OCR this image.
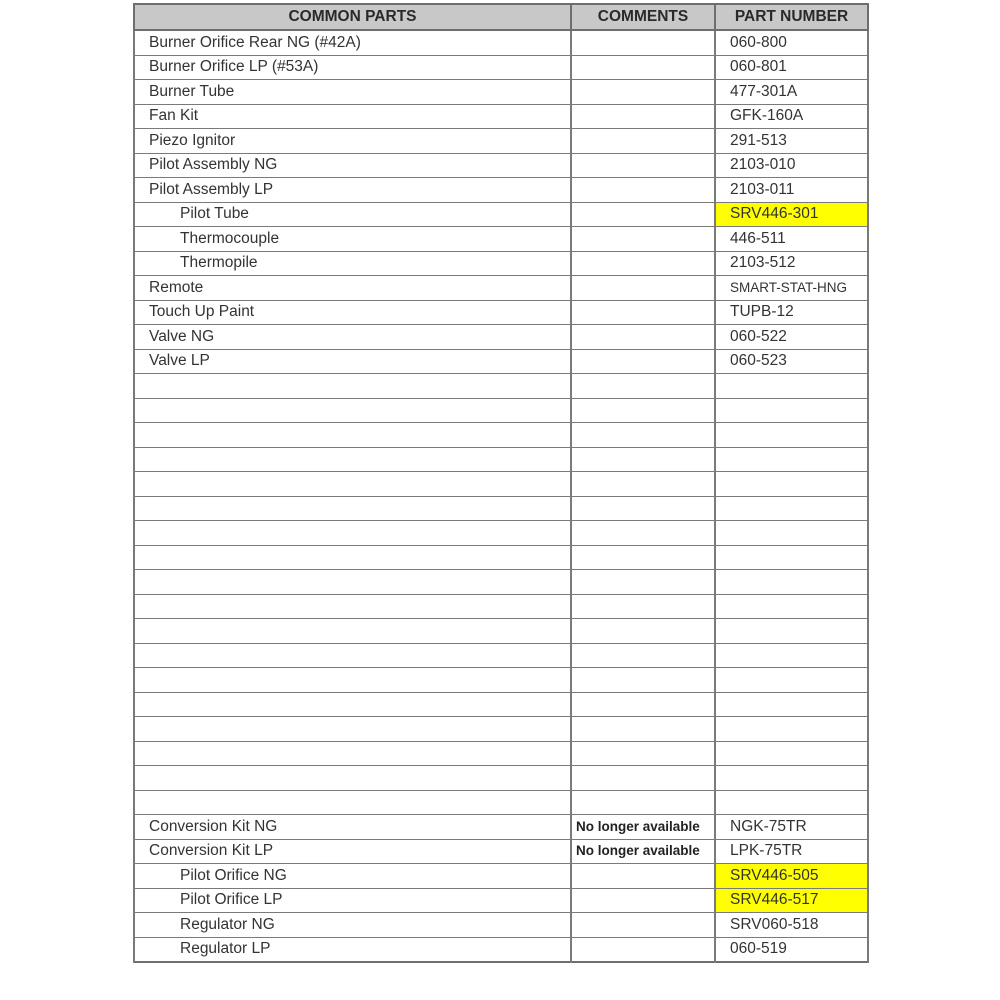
COMMON PARTS	COMMENTS	PART NUMBER
Burner Orifice Rear NG (#42A)		060-800
Burner Orifice LP (#53A)		060-801
Burner Tube		477-301A
Fan Kit		GFK-160A
Piezo Ignitor		291-513
Pilot Assembly NG		2103-010
Pilot Assembly LP		2103-011
Pilot Tube		SRV446-301
Thermocouple		446-511
Thermopile		2103-512
Remote		SMART-STAT-HNG
Touch Up Paint		TUPB-12
Valve NG		060-522
Valve LP		060-523

Conversion Kit NG	No longer available	NGK-75TR
Conversion Kit LP	No longer available	LPK-75TR
Pilot Orifice NG		SRV446-505
Pilot Orifice LP		SRV446-517
Regulator NG		SRV060-518
Regulator LP		060-519
